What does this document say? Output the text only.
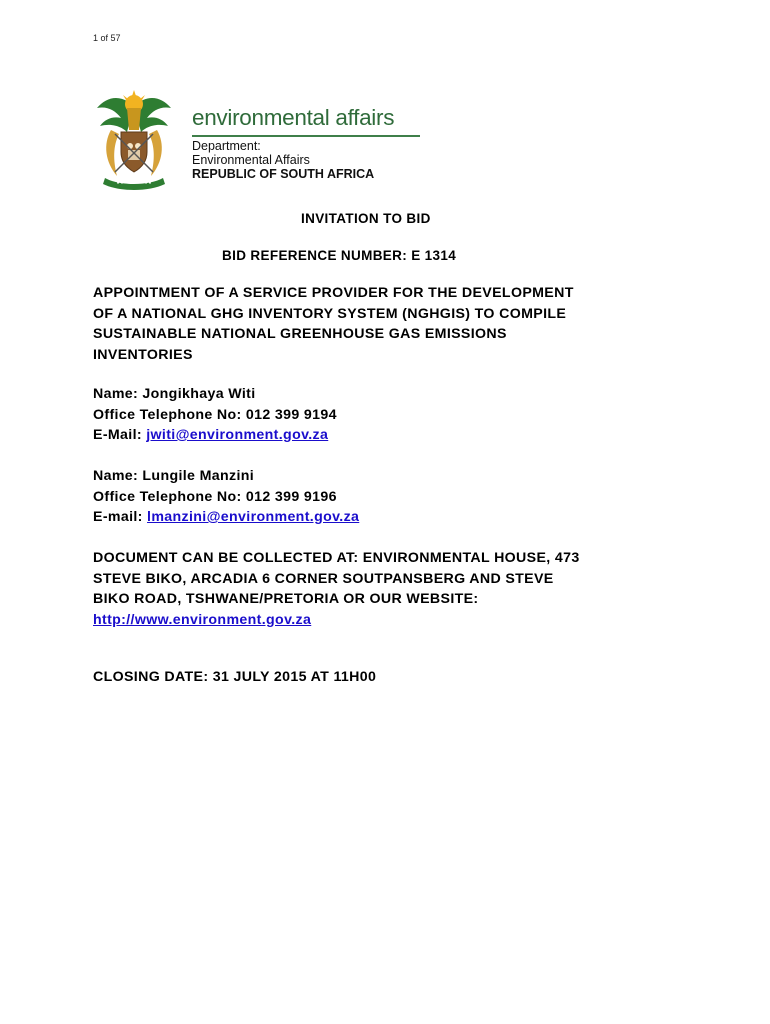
1 of 57
environmental affairs
Department:
Environmental Affairs
REPUBLIC OF SOUTH AFRICA
INVITATION TO BID
BID REFERENCE NUMBER: E 1314
APPOINTMENT OF A SERVICE PROVIDER FOR THE DEVELOPMENT
OF A NATIONAL GHG INVENTORY SYSTEM (NGHGIS) TO COMPILE
SUSTAINABLE NATIONAL GREENHOUSE GAS EMISSIONS
INVENTORIES
Name: Jongikhaya Witi
Office Telephone No: 012 399 9194
E-Mail: jwiti@environment.gov.za
Name: Lungile Manzini
Office Telephone No: 012 399 9196
E-mail: lmanzini@environment.gov.za
DOCUMENT CAN BE COLLECTED AT: ENVIRONMENTAL HOUSE, 473
STEVE BIKO, ARCADIA 6 CORNER SOUTPANSBERG AND STEVE
BIKO ROAD, TSHWANE/PRETORIA OR OUR WEBSITE:
http://www.environment.gov.za
CLOSING DATE: 31 JULY 2015 AT 11H00
